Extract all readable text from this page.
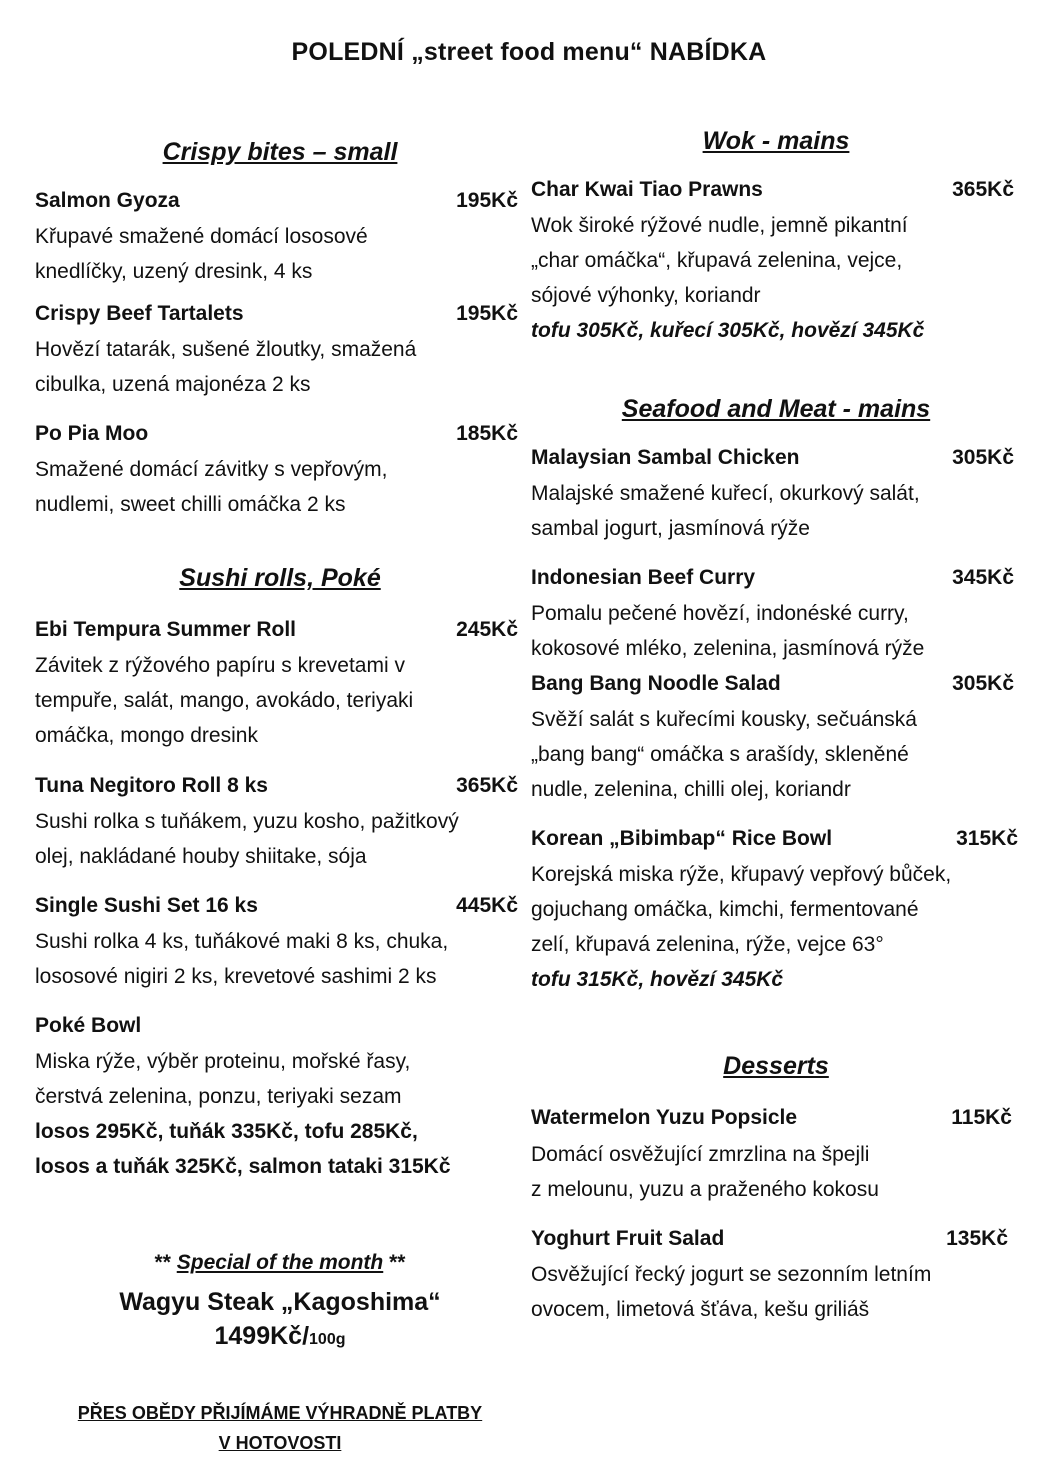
POLEDNÍ „street food menu“ NABÍDKA
Crispy bites – small
Salmon Gyoza	195Kč
Křupavé smažené domácí lososové
knedlíčky, uzený dresink, 4 ks
Crispy Beef Tartalets	195Kč
Hovězí tatarák, sušené žloutky, smažená
cibulka, uzená majonéza 2 ks
Po Pia Moo	185Kč
Smažené domácí závitky s vepřovým,
nudlemi, sweet chilli omáčka 2 ks
Sushi rolls, Poké
Ebi Tempura Summer Roll	245Kč
Závitek z rýžového papíru s krevetami v
tempuře, salát, mango, avokádo, teriyaki
omáčka, mongo dresink
Tuna Negitoro Roll 8 ks	365Kč
Sushi rolka s tuňákem, yuzu kosho, pažitkový
olej, nakládané houby shiitake, sója
Single Sushi Set 16 ks	445Kč
Sushi rolka 4 ks, tuňákové maki 8 ks, chuka,
lososové nigiri 2 ks, krevetové sashimi 2 ks
Poké Bowl
Miska rýže, výběr proteinu, mořské řasy,
čerstvá zelenina, ponzu, teriyaki sezam
losos 295Kč, tuňák 335Kč, tofu 285Kč,
losos a tuňák 325Kč, salmon tataki 315Kč
** Special of the month **
Wagyu Steak „Kagoshima“
1499Kč/100g
PŘES OBĚDY PŘIJÍMÁME VÝHRADNĚ PLATBY
V HOTOVOSTI
Wok - mains
Char Kwai Tiao Prawns	365Kč
Wok široké rýžové nudle, jemně pikantní
„char omáčka“, křupavá zelenina, vejce,
sójové výhonky, koriandr
tofu 305Kč, kuřecí 305Kč, hovězí 345Kč
Seafood and Meat - mains
Malaysian Sambal Chicken	305Kč
Malajské smažené kuřecí, okurkový salát,
sambal jogurt, jasmínová rýže
Indonesian Beef Curry	345Kč
Pomalu pečené hovězí, indonéské curry,
kokosové mléko, zelenina, jasmínová rýže
Bang Bang Noodle Salad	305Kč
Svěží salát s kuřecími kousky, sečuánská
„bang bang“ omáčka s arašídy, skleněné
nudle, zelenina, chilli olej, koriandr
Korean „Bibimbap“ Rice Bowl	315Kč
Korejská miska rýže, křupavý vepřový bůček,
gojuchang omáčka, kimchi, fermentované
zelí, křupavá zelenina, rýže, vejce 63°
tofu 315Kč, hovězí 345Kč
Desserts
Watermelon Yuzu Popsicle	115Kč
Domácí osvěžující zmrzlina na špejli
z melounu, yuzu a praženého kokosu
Yoghurt Fruit Salad	135Kč
Osvěžující řecký jogurt se sezonním letním
ovocem, limetová šťáva, kešu griliáš
